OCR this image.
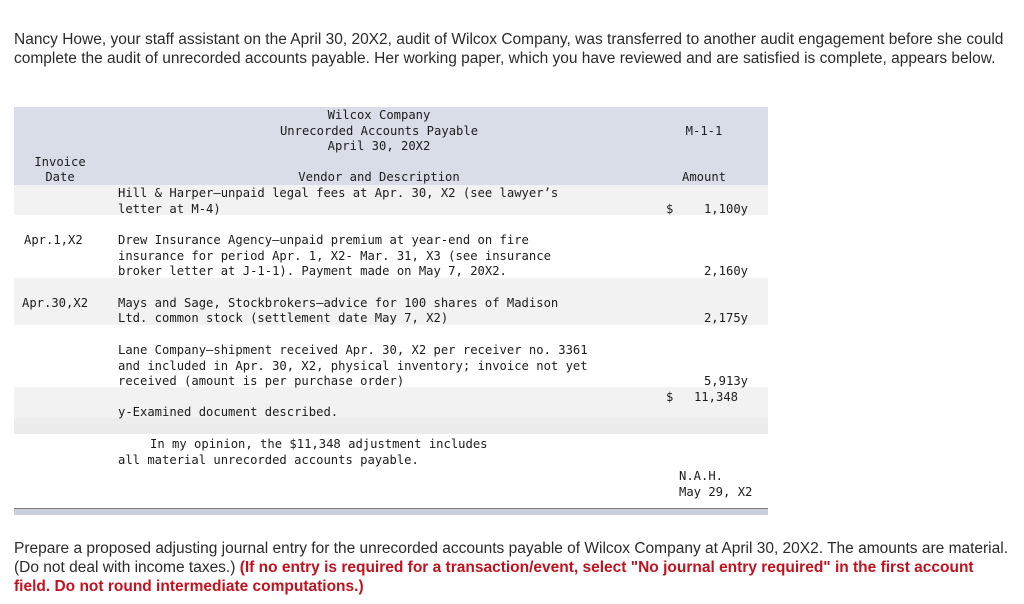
Nancy Howe, your staff assistant on the April 30, 20X2, audit of Wilcox Company, was transferred to another audit engagement before she could complete the audit of unrecorded accounts payable. Her working paper, which you have reviewed and are satisfied is complete, appears below.

Wilcox Company
Unrecorded Accounts Payable
April 30, 20X2
M-1-1
Invoice
Date	Vendor and Description	Amount
Hill & Harper—unpaid legal fees at Apr. 30, X2 (see lawyer’s
letter at M-4)	$	1,100y
Apr.1,X2	Drew Insurance Agency—unpaid premium at year-end on fire
insurance for period Apr. 1, X2- Mar. 31, X3 (see insurance
broker letter at J-1-1). Payment made on May 7, 20X2.	2,160y
Apr.30,X2 Mays and Sage, Stockbrokers—advice for 100 shares of Madison
Ltd. common stock (settlement date May 7, X2)	2,175y
Lane Company—shipment received Apr. 30, X2 per receiver no. 3361
and included in Apr. 30, X2, physical inventory; invoice not yet
received (amount is per purchase order)	5,913y
$	11,348
y-Examined document described.
In my opinion, the $11,348 adjustment includes
all material unrecorded accounts payable.
N.A.H.
May 29, X2

Prepare a proposed adjusting journal entry for the unrecorded accounts payable of Wilcox Company at April 30, 20X2. The amounts are material. (Do not deal with income taxes.) (If no entry is required for a transaction/event, select "No journal entry required" in the first account field. Do not round intermediate computations.)
